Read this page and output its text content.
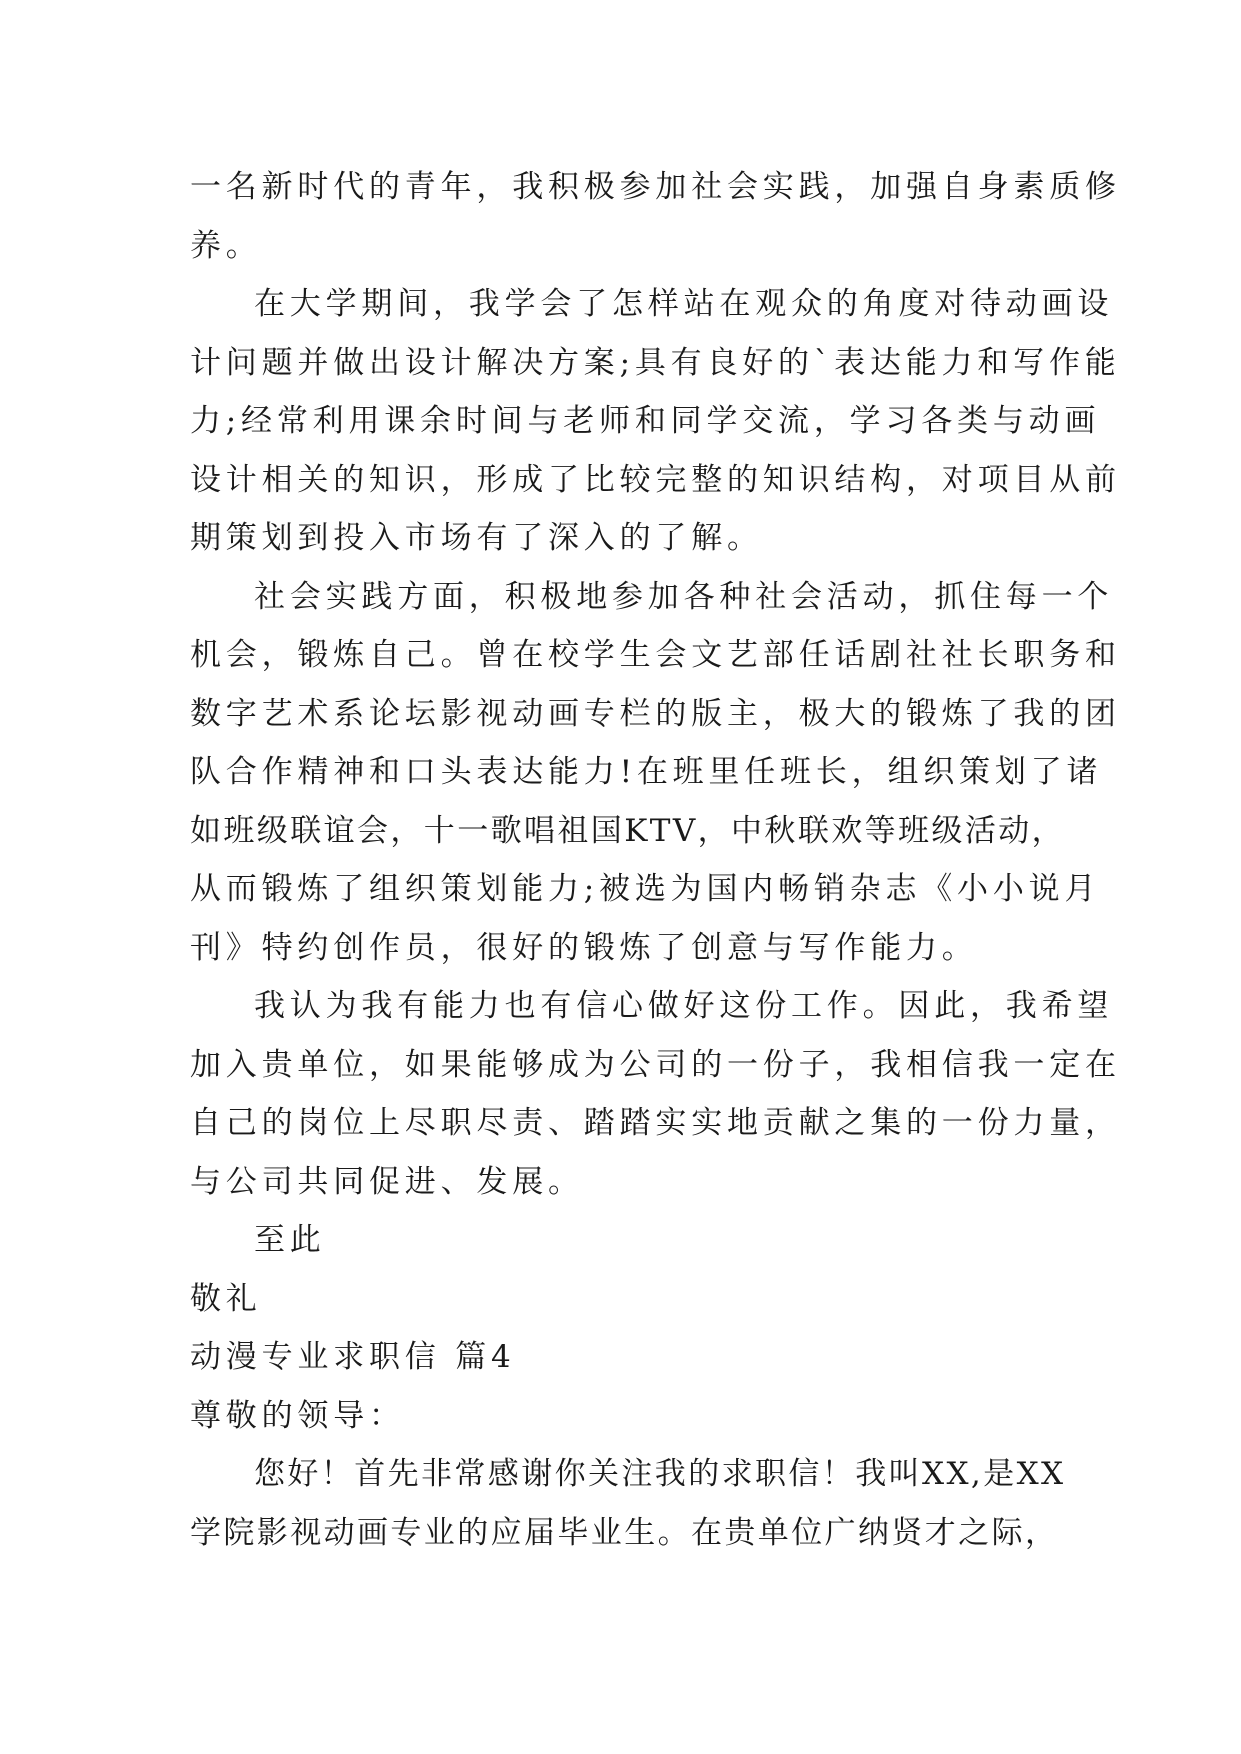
一名新时代的青年，我积极参加社会实践，加强自身素质修
养。
在大学期间，我学会了怎样站在观众的角度对待动画设
计问题并做出设计解决方案;具有良好的`表达能力和写作能
力;经常利用课余时间与老师和同学交流，学习各类与动画
设计相关的知识，形成了比较完整的知识结构，对项目从前
期策划到投入市场有了深入的了解。
社会实践方面，积极地参加各种社会活动，抓住每一个
机会，锻炼自己。曾在校学生会文艺部任话剧社社长职务和
数字艺术系论坛影视动画专栏的版主，极大的锻炼了我的团
队合作精神和口头表达能力!在班里任班长，组织策划了诸
如班级联谊会，十一歌唱祖国KTV，中秋联欢等班级活动，
从而锻炼了组织策划能力;被选为国内畅销杂志《小小说月
刊》特约创作员，很好的锻炼了创意与写作能力。
我认为我有能力也有信心做好这份工作。因此，我希望
加入贵单位，如果能够成为公司的一份子，我相信我一定在
自己的岗位上尽职尽责、踏踏实实地贡献之集的一份力量，
与公司共同促进、发展。
至此
敬礼
动漫专业求职信 篇4
尊敬的领导：
您好！首先非常感谢你关注我的求职信！我叫XX,是XX
学院影视动画专业的应届毕业生。在贵单位广纳贤才之际，
